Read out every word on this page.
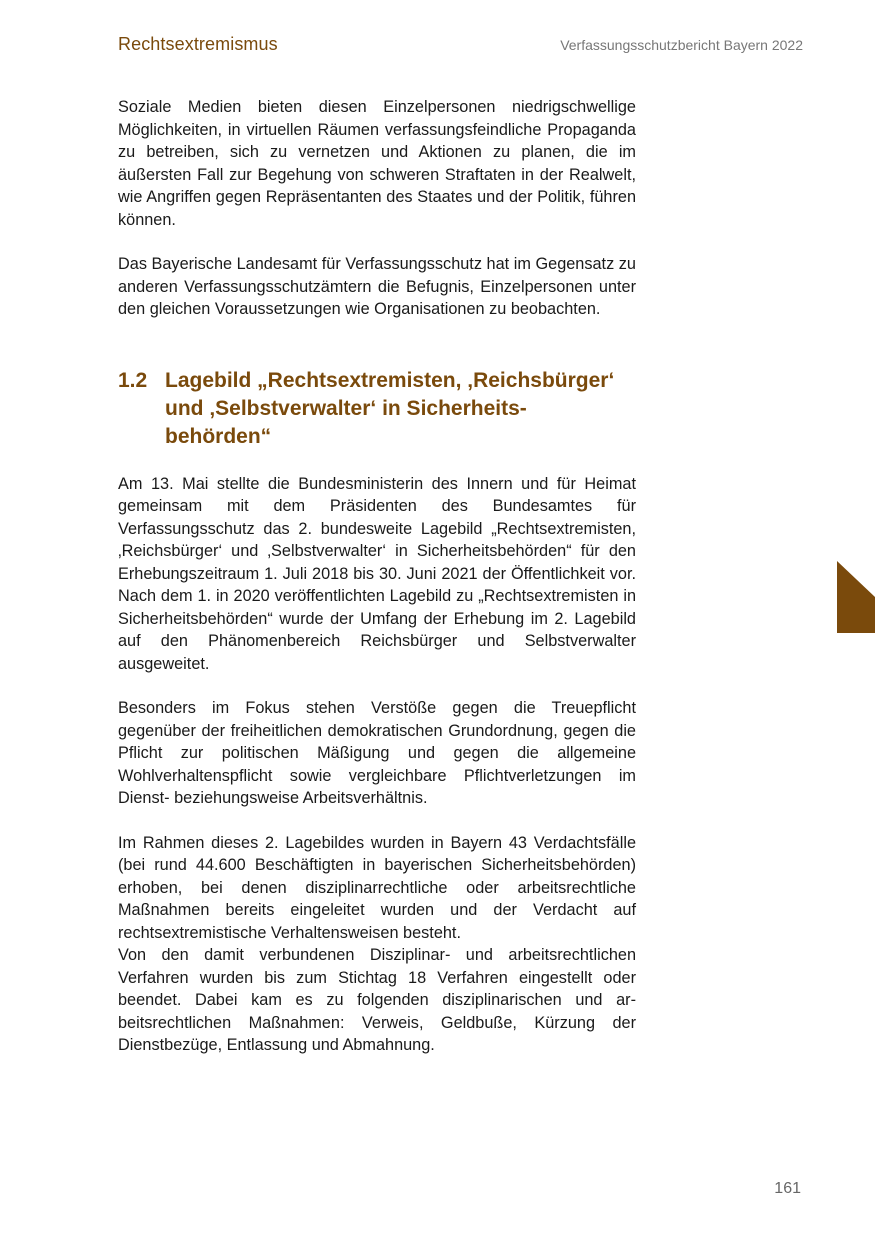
Rechtsextremismus	Verfassungsschutzbericht Bayern 2022

Soziale Medien bieten diesen Einzelpersonen niedrigschwellige Möglichkeiten, in virtuellen Räumen verfassungsfeindliche Propaganda zu betreiben, sich zu vernetzen und Aktionen zu planen, die im äußersten Fall zur Begehung von schweren Straftaten in der Realwelt, wie Angriffen gegen Repräsentanten des Staates und der Politik, führen können.

Das Bayerische Landesamt für Verfassungsschutz hat im Gegensatz zu anderen Verfassungsschutzämtern die Befugnis, Einzelpersonen unter den gleichen Voraussetzungen wie Organisationen zu beobachten.

1.2 Lagebild „Rechtsextremisten, ‚Reichsbürger‘ und ‚Selbstverwalter‘ in Sicherheitsbehörden“

Am 13. Mai stellte die Bundesministerin des Innern und für Heimat gemeinsam mit dem Präsidenten des Bundesamtes für Verfassungsschutz das 2. bundesweite Lagebild „Rechtsextremisten, ‚Reichsbürger‘ und ‚Selbstverwalter‘ in Sicherheitsbehörden“ für den Erhebungszeitraum 1. Juli 2018 bis 30. Juni 2021 der Öffentlichkeit vor. Nach dem 1. in 2020 veröffentlichten Lagebild zu „Rechtsextremisten in Sicherheitsbehörden“ wurde der Umfang der Erhebung im 2. Lagebild auf den Phänomenbereich Reichsbürger und Selbstverwalter ausgeweitet.

Besonders im Fokus stehen Verstöße gegen die Treuepflicht gegenüber der freiheitlichen demokratischen Grundordnung, gegen die Pflicht zur politischen Mäßigung und gegen die allgemeine Wohlverhaltenspflicht sowie vergleichbare Pflichtverletzungen im Dienst- beziehungsweise Arbeitsverhältnis.

Im Rahmen dieses 2. Lagebildes wurden in Bayern 43 Verdachtsfälle (bei rund 44.600 Beschäftigten in bayerischen Sicherheitsbehörden) erhoben, bei denen disziplinarrechtliche oder arbeitsrechtliche Maßnahmen bereits eingeleitet wurden und der Verdacht auf rechtsextremistische Verhaltensweisen besteht.

Von den damit verbundenen Disziplinar- und arbeitsrechtlichen Verfahren wurden bis zum Stichtag 18 Verfahren eingestellt oder beendet. Dabei kam es zu folgenden disziplinarischen und arbeitsrechtlichen Maßnahmen: Verweis, Geldbuße, Kürzung der Dienstbezüge, Entlassung und Abmahnung.

161
